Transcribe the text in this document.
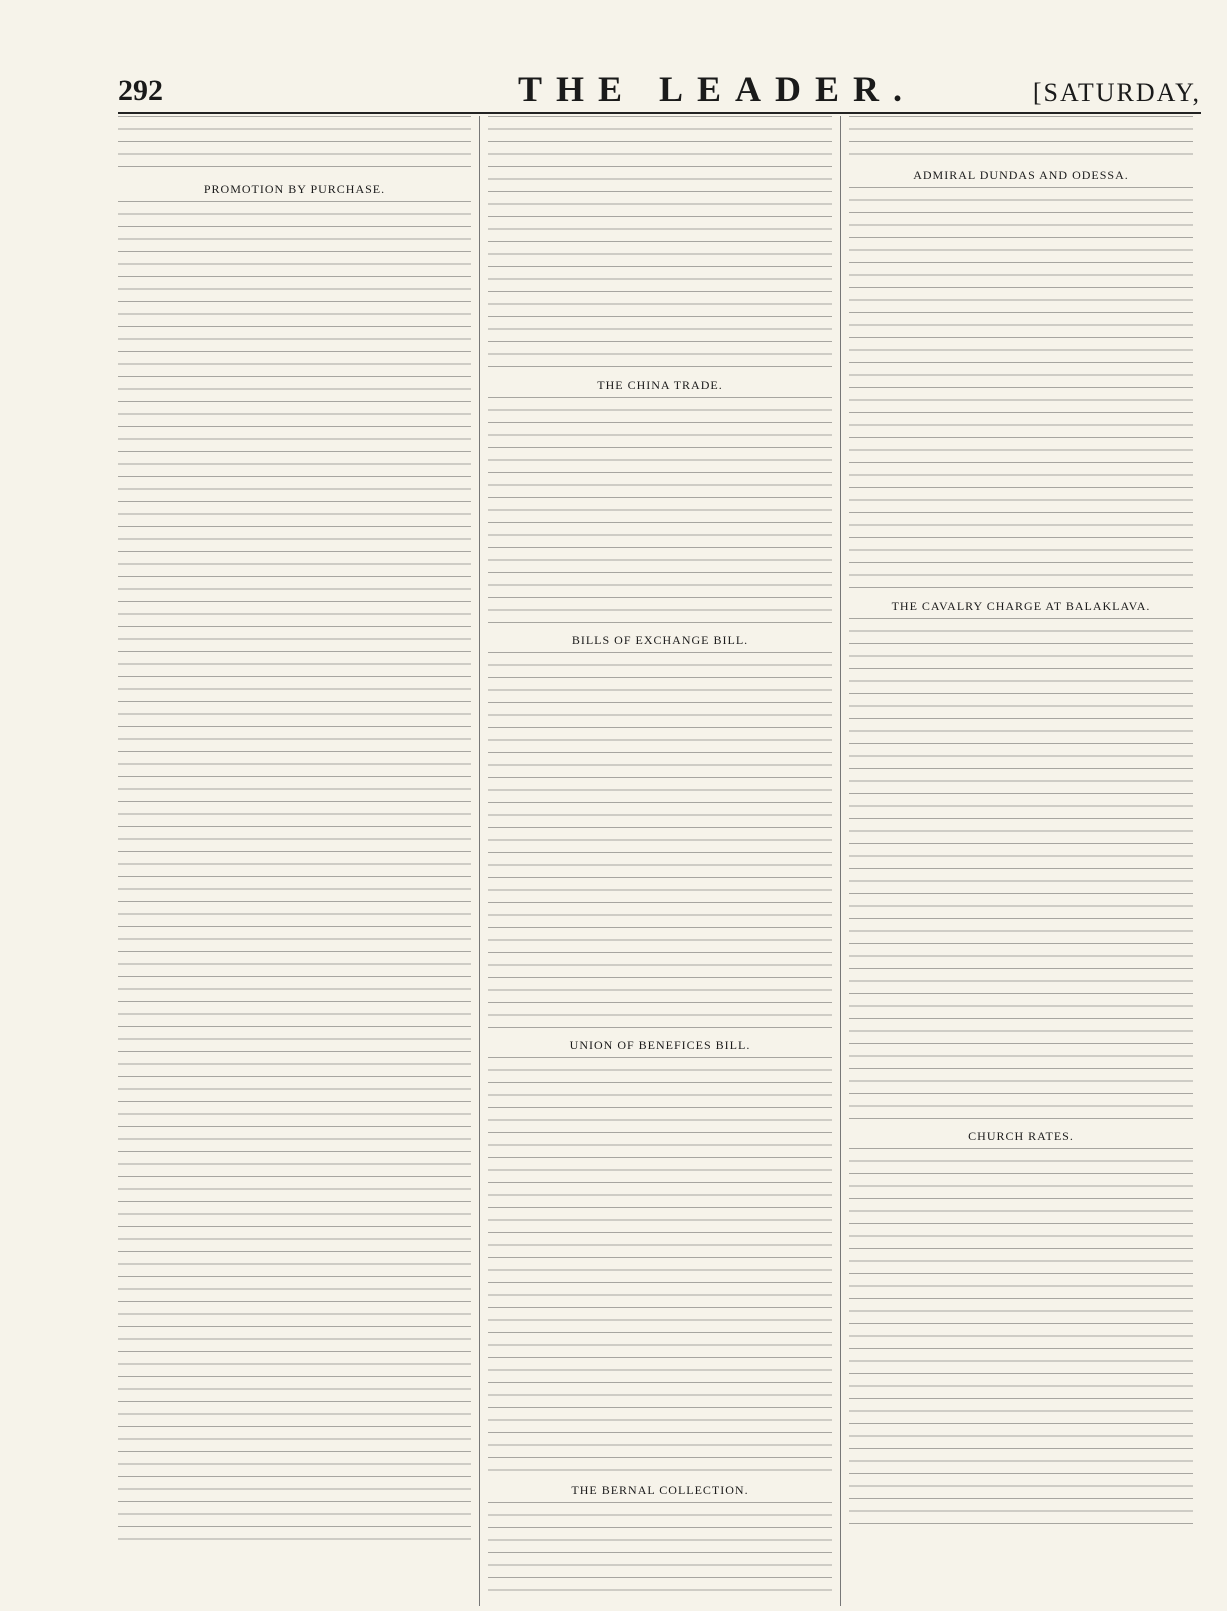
292	THE LEADER.	[SATURDAY,
PROMOTION BY PURCHASE.
THE CHINA TRADE.
BILLS OF EXCHANGE BILL.
UNION OF BENEFICES BILL.
THE BERNAL COLLECTION.
ADMIRAL DUNDAS AND ODESSA.
THE CAVALRY CHARGE AT BALAKLAVA.
CHURCH RATES.
